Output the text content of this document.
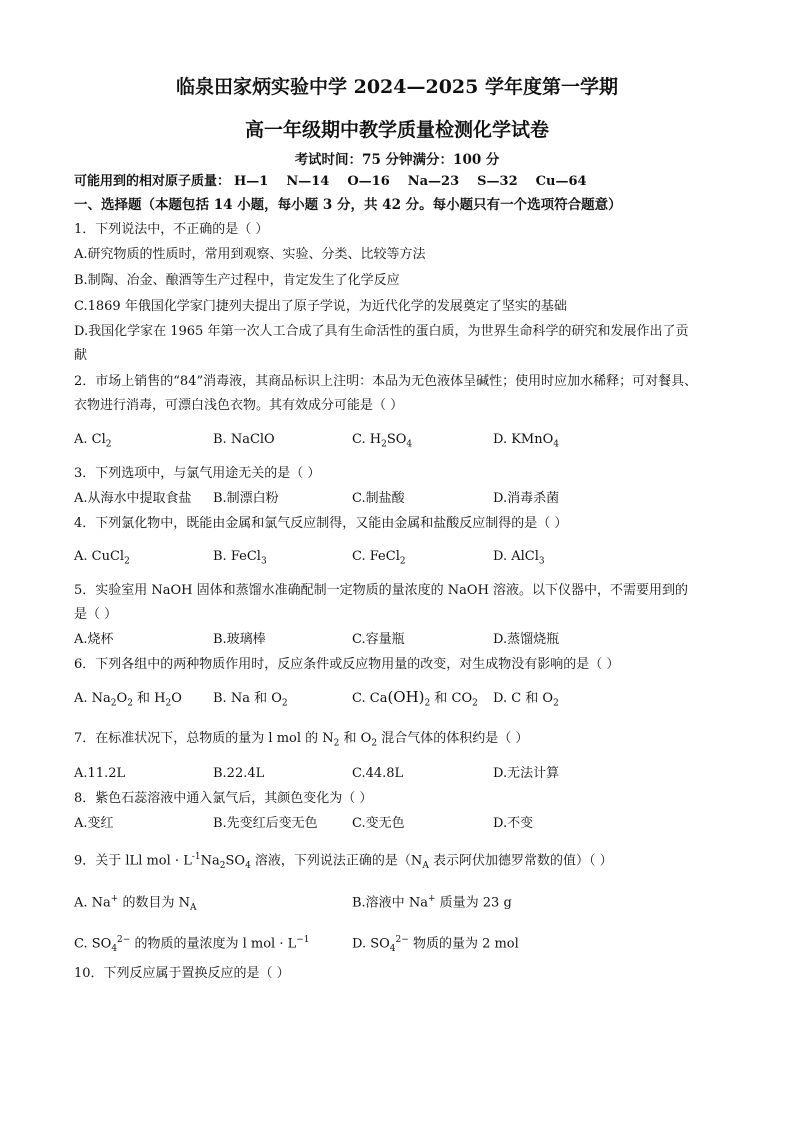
临泉田家炳实验中学 2024—2025 学年度第一学期
高一年级期中教学质量检测化学试卷
考试时间：75 分钟满分：100 分
可能用到的相对原子质量： H—1 N—14 O—16 Na—23 S—32 Cu—64
一、选择题（本题包括 14 小题，每小题 3 分，共 42 分。每小题只有一个选项符合题意）
1．下列说法中，不正确的是（ ）
A.研究物质的性质时，常用到观察、实验、分类、比较等方法
B.制陶、冶金、酿酒等生产过程中，肯定发生了化学反应
C.1869 年俄国化学家门捷列夫提出了原子学说，为近代化学的发展奠定了坚实的基础
D.我国化学家在 1965 年第一次人工合成了具有生命活性的蛋白质，为世界生命科学的研究和发展作出了贡
献
2．市场上销售的“84”消毒液，其商品标识上注明：本品为无色液体呈碱性；使用时应加水稀释；可对餐具、
衣物进行消毒，可漂白浅色衣物。其有效成分可能是（ ）
A. $Cl_2$	B. NaClO	C. $H_2SO_4$	D. KMnO$_4$
3．下列选项中，与氯气用途无关的是（ ）
A.从海水中提取食盐 B.制漂白粉	C.制盐酸	D.消毒杀菌
4．下列氯化物中，既能由金属和氯气反应制得，又能由金属和盐酸反应制得的是（ ）
A. CuCl$_2$	B. FeCl$_3$	C. FeCl$_2$	D. AlCl$_3$
5．实验室用 NaOH 固体和蒸馏水准确配制一定物质的量浓度的 NaOH 溶液。以下仪器中，不需要用到的
是（ ）
A.烧杯	B.玻璃棒	C.容量瓶	D.蒸馏烧瓶
6．下列各组中的两种物质作用时，反应条件或反应物用量的改变，对生成物没有影响的是（ ）
A. $Na_2O_2$ 和 $H_2O$ B. Na 和 $O_2$	C. $Ca(OH)_2$ 和 $CO_2$ D. C 和 $O_2$
7．在标准状况下，总物质的量为 l mol 的 $N_2$ 和 $O_2$ 混合气体的体积约是（ ）
A.11.2L	B.22.4L	C.44.8L	D.无法计算
8．紫色石蕊溶液中通入氯气后，其颜色变化为（ ）
A.变红	B.先变红后变无色	C.变无色	D.不变
9．关于 lLl mol · $L^{-1}Na_2SO_4$ 溶液，下列说法正确的是（$N_A$ 表示阿伏加德罗常数的值）（ ）
A. Na+ 的数目为 $N_A$	B.溶液中 Na+ 质量为 23 g
C. $SO_4^{2-}$ 的物质的量浓度为 l mol · $L^{-1}$	D. $SO_4^{2-}$ 物质的量为 2 mol
10．下列反应属于置换反应的是（ ）
